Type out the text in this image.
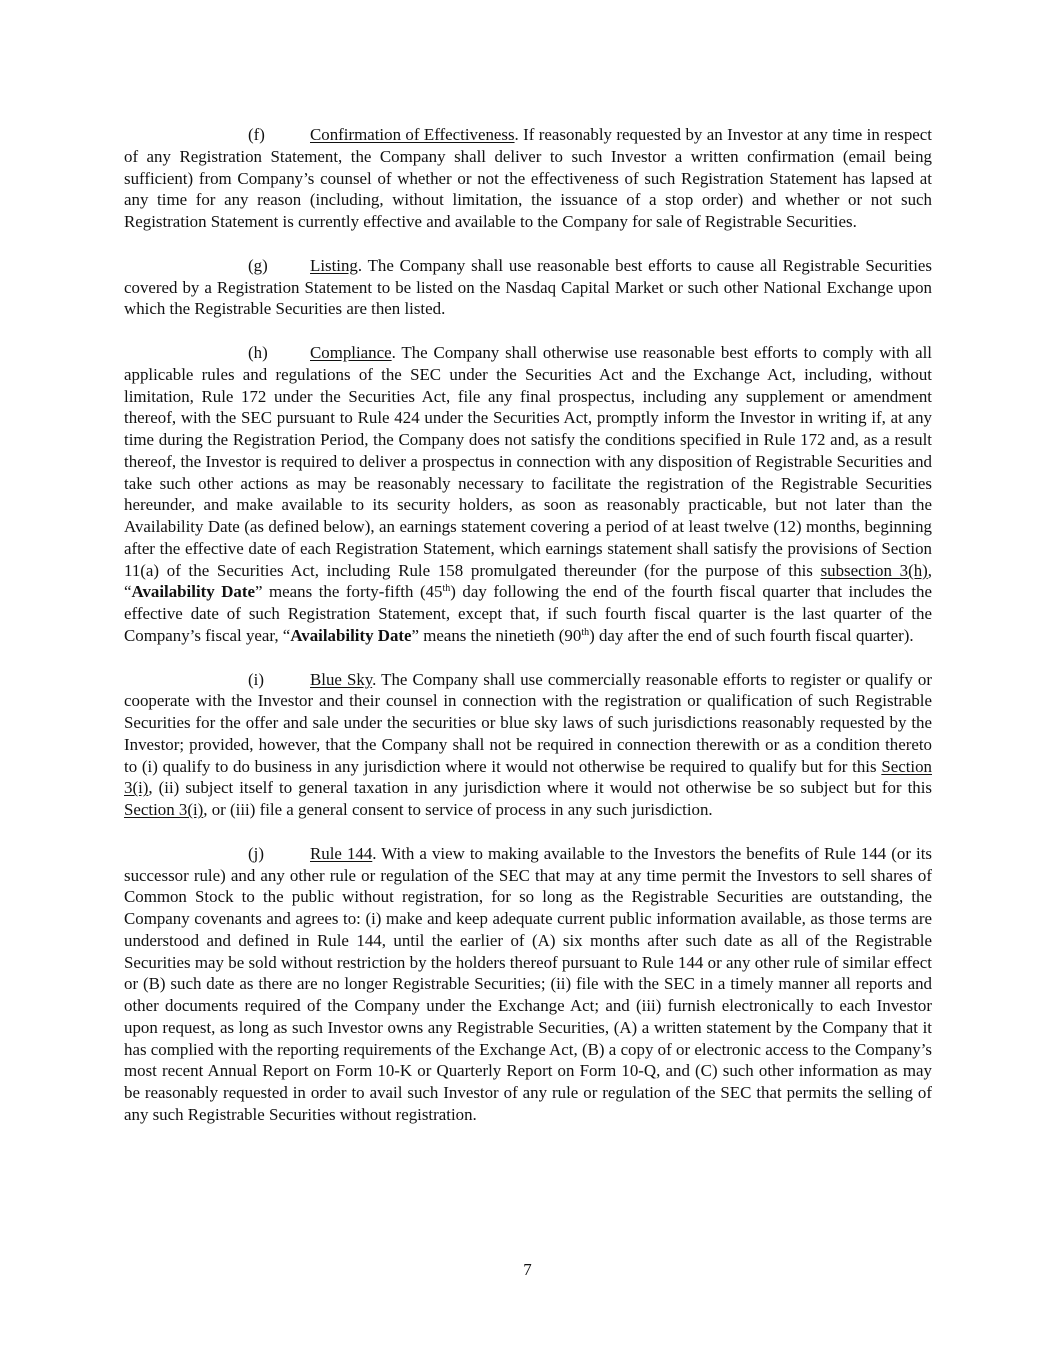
(f)	Confirmation of Effectiveness. If reasonably requested by an Investor at any time in respect of any Registration Statement, the Company shall deliver to such Investor a written confirmation (email being sufficient) from Company’s counsel of whether or not the effectiveness of such Registration Statement has lapsed at any time for any reason (including, without limitation, the issuance of a stop order) and whether or not such Registration Statement is currently effective and available to the Company for sale of Registrable Securities.

(g)	Listing. The Company shall use reasonable best efforts to cause all Registrable Securities covered by a Registration Statement to be listed on the Nasdaq Capital Market or such other National Exchange upon which the Registrable Securities are then listed.

(h)	Compliance. The Company shall otherwise use reasonable best efforts to comply with all applicable rules and regulations of the SEC under the Securities Act and the Exchange Act, including, without limitation, Rule 172 under the Securities Act, file any final prospectus, including any supplement or amendment thereof, with the SEC pursuant to Rule 424 under the Securities Act, promptly inform the Investor in writing if, at any time during the Registration Period, the Company does not satisfy the conditions specified in Rule 172 and, as a result thereof, the Investor is required to deliver a prospectus in connection with any disposition of Registrable Securities and take such other actions as may be reasonably necessary to facilitate the registration of the Registrable Securities hereunder, and make available to its security holders, as soon as reasonably practicable, but not later than the Availability Date (as defined below), an earnings statement covering a period of at least twelve (12) months, beginning after the effective date of each Registration Statement, which earnings statement shall satisfy the provisions of Section 11(a) of the Securities Act, including Rule 158 promulgated thereunder (for the purpose of this subsection 3(h), “Availability Date” means the forty-fifth (45th) day following the end of the fourth fiscal quarter that includes the effective date of such Registration Statement, except that, if such fourth fiscal quarter is the last quarter of the Company’s fiscal year, “Availability Date” means the ninetieth (90th) day after the end of such fourth fiscal quarter).

(i)	Blue Sky. The Company shall use commercially reasonable efforts to register or qualify or cooperate with the Investor and their counsel in connection with the registration or qualification of such Registrable Securities for the offer and sale under the securities or blue sky laws of such jurisdictions reasonably requested by the Investor; provided, however, that the Company shall not be required in connection therewith or as a condition thereto to (i) qualify to do business in any jurisdiction where it would not otherwise be required to qualify but for this Section 3(i), (ii) subject itself to general taxation in any jurisdiction where it would not otherwise be so subject but for this Section 3(i), or (iii) file a general consent to service of process in any such jurisdiction.

(j)	Rule 144. With a view to making available to the Investors the benefits of Rule 144 (or its successor rule) and any other rule or regulation of the SEC that may at any time permit the Investors to sell shares of Common Stock to the public without registration, for so long as the Registrable Securities are outstanding, the Company covenants and agrees to: (i) make and keep adequate current public information available, as those terms are understood and defined in Rule 144, until the earlier of (A) six months after such date as all of the Registrable Securities may be sold without restriction by the holders thereof pursuant to Rule 144 or any other rule of similar effect or (B) such date as there are no longer Registrable Securities; (ii) file with the SEC in a timely manner all reports and other documents required of the Company under the Exchange Act; and (iii) furnish electronically to each Investor upon request, as long as such Investor owns any Registrable Securities, (A) a written statement by the Company that it has complied with the reporting requirements of the Exchange Act, (B) a copy of or electronic access to the Company’s most recent Annual Report on Form 10-K or Quarterly Report on Form 10-Q, and (C) such other information as may be reasonably requested in order to avail such Investor of any rule or regulation of the SEC that permits the selling of any such Registrable Securities without registration.

7
